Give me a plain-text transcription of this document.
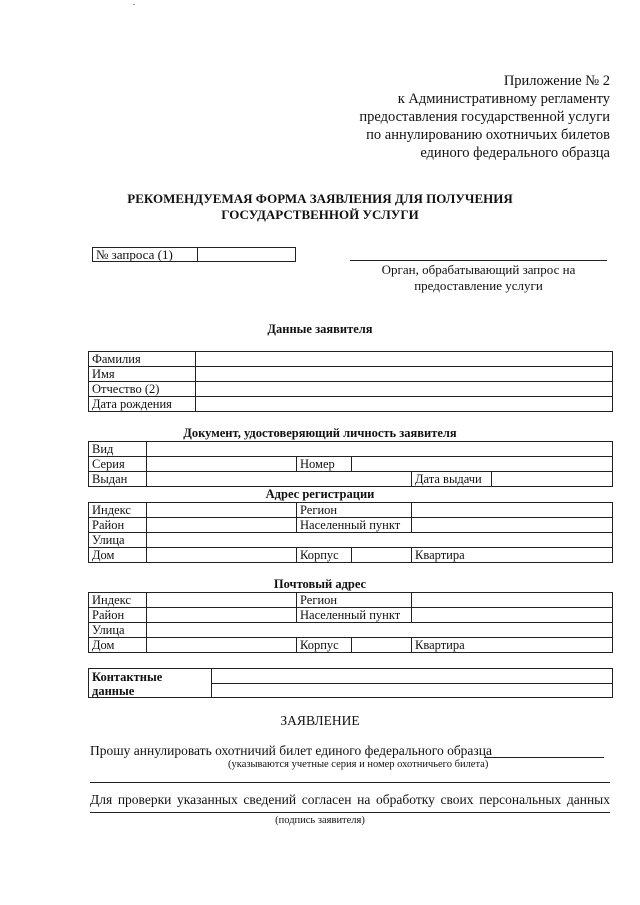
Приложение № 2
к Административному регламенту
предоставления государственной услуги
по аннулированию охотничьих билетов
единого федерального образца
РЕКОМЕНДУЕМАЯ ФОРМА ЗАЯВЛЕНИЯ ДЛЯ ПОЛУЧЕНИЯ
ГОСУДАРСТВЕННОЙ УСЛУГИ
№ запроса (1)
Орган, обрабатывающий запрос на
предоставление услуги
Данные заявителя
Фамилия	
Имя	
Отчество (2)	
Дата рождения	
Документ, удостоверяющий личность заявителя
Вид					
Серия		Номер			
Выдан				Дата выдачи	
Адрес регистрации
Индекс		Регион		
Район		Населенный пункт		
Улица				
Дом		Корпус		Квартира
Почтовый адрес
Индекс		Регион		
Район		Населенный пункт		
Улица				
Дом		Корпус		Квартира
Контактные
данные
ЗАЯВЛЕНИЕ
Прошу аннулировать охотничий билет единого федерального образца
(указываются учетные серия и номер охотничьего билета)
Для проверки указанных сведений согласен на обработку своих персональных данных
(подпись заявителя)
